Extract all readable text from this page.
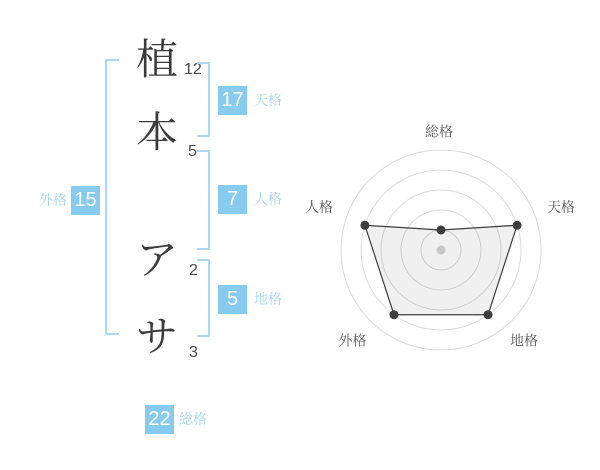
植
本
ア
サ
12
5
2
3
17 天格
7	人格
5	地格
外格 15
22 総格
総格
天格
地格
外格
人格
